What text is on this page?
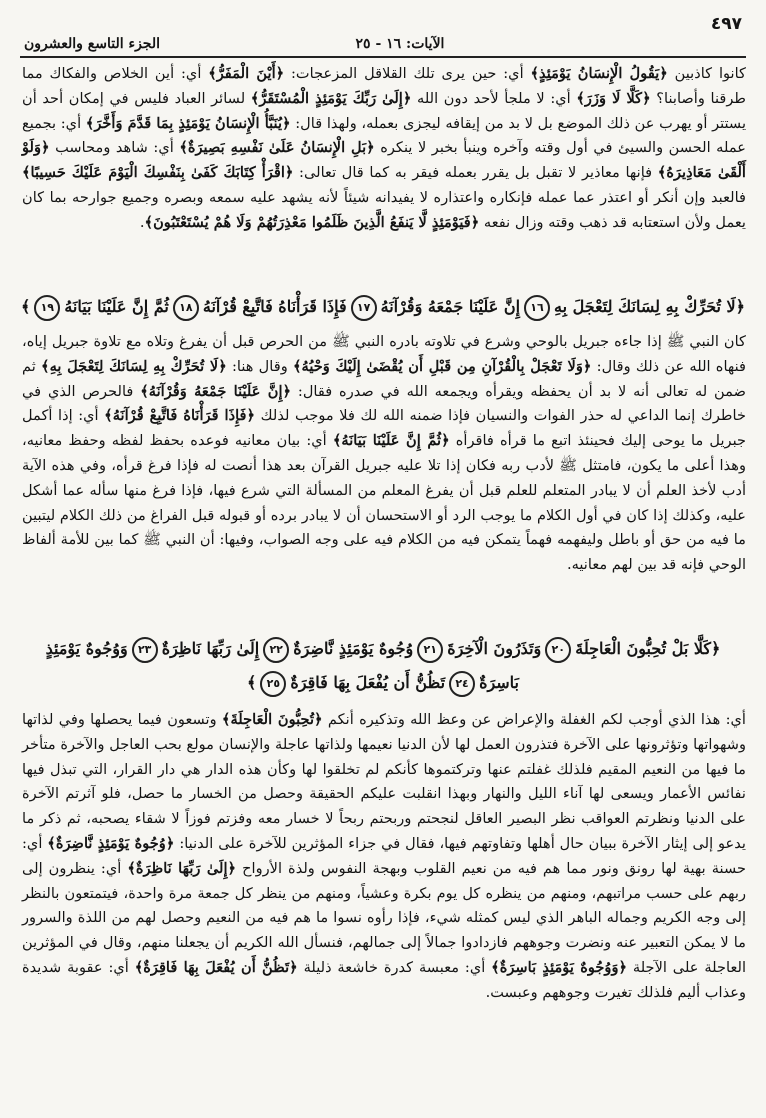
٤٩٧
الآيات: ١٦ - ٢٥
الجزء التاسع والعشرون

كانوا كاذبين ﴿يَقُولُ الْإِنسَانُ يَوْمَئِذٍ﴾ أي: حين يرى تلك القلاقل المزعجات: ﴿أَيْنَ الْمَفَرُّ﴾ أي: أين الخلاص والفكاك مما طرقنا وأصابنا؟ ﴿كَلَّا لَا وَزَرَ﴾ أي: لا ملجأ لأحد دون الله ﴿إِلَىٰ رَبِّكَ يَوْمَئِذٍ الْمُسْتَقَرُّ﴾ لسائر العباد فليس في إمكان أحد أن يستتر أو يهرب عن ذلك الموضع بل لا بد من إيقافه ليجزى بعمله، ولهذا قال: ﴿يُنَبَّأُ الْإِنسَانُ يَوْمَئِذٍ بِمَا قَدَّمَ وَأَخَّرَ﴾ أي: بجميع عمله الحسن والسيئ في أول وقته وآخره وينبأ بخبر لا ينكره ﴿بَلِ الْإِنسَانُ عَلَىٰ نَفْسِهِ بَصِيرَةٌ﴾ أي: شاهد ومحاسب ﴿وَلَوْ أَلْقَىٰ مَعَاذِيرَهُ﴾ فإنها معاذير لا تقبل بل يقرر بعمله فيقر به كما قال تعالى: ﴿اقْرَأْ كِتَابَكَ كَفَىٰ بِنَفْسِكَ الْيَوْمَ عَلَيْكَ حَسِيبًا﴾ فالعبد وإن أنكر أو اعتذر عما عمله فإنكاره واعتذاره لا يفيدانه شيئاً لأنه يشهد عليه سمعه وبصره وجميع جوارحه بما كان يعمل ولأن استعتابه قد ذهب وقته وزال نفعه ﴿فَيَوْمَئِذٍ لَّا يَنفَعُ الَّذِينَ ظَلَمُوا مَعْذِرَتُهُمْ وَلَا هُمْ يُسْتَعْتَبُونَ﴾.

﴿لَا تُحَرِّكْ بِهِ لِسَانَكَ لِتَعْجَلَ بِهِ١٦إِنَّ عَلَيْنَا جَمْعَهُ وَقُرْآنَهُ١٧فَإِذَا قَرَأْنَاهُ فَاتَّبِعْ قُرْآنَهُ١٨ثُمَّ إِنَّ عَلَيْنَا بَيَانَهُ١٩﴾

كان النبي ﷺ إذا جاءه جبريل بالوحي وشرع في تلاوته بادره النبي ﷺ من الحرص قبل أن يفرغ وتلاه مع تلاوة جبريل إياه، فنهاه الله عن ذلك وقال: ﴿وَلَا تَعْجَلْ بِالْقُرْآنِ مِن قَبْلِ أَن يُقْضَىٰ إِلَيْكَ وَحْيُهُ﴾ وقال هنا: ﴿لَا تُحَرِّكْ بِهِ لِسَانَكَ لِتَعْجَلَ بِهِ﴾ ثم ضمن له تعالى أنه لا بد أن يحفظه ويقرأه ويجمعه الله في صدره فقال: ﴿إِنَّ عَلَيْنَا جَمْعَهُ وَقُرْآنَهُ﴾ فالحرص الذي في خاطرك إنما الداعي له حذر الفوات والنسيان فإذا ضمنه الله لك فلا موجب لذلك ﴿فَإِذَا قَرَأْنَاهُ فَاتَّبِعْ قُرْآنَهُ﴾ أي: إذا أكمل جبريل ما يوحى إليك فحينئذ اتبع ما قرأه فاقرأه ﴿ثُمَّ إِنَّ عَلَيْنَا بَيَانَهُ﴾ أي: بيان معانيه فوعده بحفظ لفظه وحفظ معانيه، وهذا أعلى ما يكون، فامتثل ﷺ لأدب ربه فكان إذا تلا عليه جبريل القرآن بعد هذا أنصت له فإذا فرغ قرأه، وفي هذه الآية أدب لأخذ العلم أن لا يبادر المتعلم للعلم قبل أن يفرغ المعلم من المسألة التي شرع فيها، فإذا فرغ منها سأله عما أشكل عليه، وكذلك إذا كان في أول الكلام ما يوجب الرد أو الاستحسان أن لا يبادر برده أو قبوله قبل الفراغ من ذلك الكلام ليتبين ما فيه من حق أو باطل وليفهمه فهماً يتمكن فيه من الكلام فيه على وجه الصواب، وفيها: أن النبي ﷺ كما بين للأمة ألفاظ الوحي فإنه قد بين لهم معانيه.

﴿كَلَّا بَلْ تُحِبُّونَ الْعَاجِلَةَ٢٠وَتَذَرُونَ الْآخِرَةَ٢١وُجُوهٌ يَوْمَئِذٍ نَّاضِرَةٌ٢٢إِلَىٰ رَبِّهَا نَاظِرَةٌ٢٣وَوُجُوهٌ يَوْمَئِذٍ
بَاسِرَةٌ٢٤تَظُنُّ أَن يُفْعَلَ بِهَا فَاقِرَةٌ٢٥﴾

أي: هذا الذي أوجب لكم الغفلة والإعراض عن وعظ الله وتذكيره أنكم ﴿تُحِبُّونَ الْعَاجِلَةَ﴾ وتسعون فيما يحصلها وفي لذاتها وشهواتها وتؤثرونها على الآخرة فتذرون العمل لها لأن الدنيا نعيمها ولذاتها عاجلة والإنسان مولع بحب العاجل والآخرة متأخر ما فيها من النعيم المقيم فلذلك غفلتم عنها وتركتموها كأنكم لم تخلقوا لها وكأن هذه الدار هي دار القرار، التي تبذل فيها نفائس الأعمار ويسعى لها آناء الليل والنهار وبهذا انقلبت عليكم الحقيقة وحصل من الخسار ما حصل، فلو آثرتم الآخرة على الدنيا ونظرتم العواقب نظر البصير العاقل لنجحتم وربحتم ربحاً لا خسار معه وفزتم فوزاً لا شقاء يصحبه، ثم ذكر ما يدعو إلى إيثار الآخرة ببيان حال أهلها وتفاوتهم فيها، فقال في جزاء المؤثرين للآخرة على الدنيا: ﴿وُجُوهٌ يَوْمَئِذٍ نَّاضِرَةٌ﴾ أي: حسنة بهية لها رونق ونور مما هم فيه من نعيم القلوب وبهجة النفوس ولذة الأرواح ﴿إِلَىٰ رَبِّهَا نَاظِرَةٌ﴾ أي: ينظرون إلى ربهم على حسب مراتبهم، ومنهم من ينظره كل يوم بكرة وعشياً، ومنهم من ينظر كل جمعة مرة واحدة، فيتمتعون بالنظر إلى وجه الكريم وجماله الباهر الذي ليس كمثله شيء، فإذا رأوه نسوا ما هم فيه من النعيم وحصل لهم من اللذة والسرور ما لا يمكن التعبير عنه ونضرت وجوههم فازدادوا جمالاً إلى جمالهم، فنسأل الله الكريم أن يجعلنا منهم، وقال في المؤثرين العاجلة على الآجلة ﴿وَوُجُوهٌ يَوْمَئِذٍ بَاسِرَةٌ﴾ أي: معبسة كدرة خاشعة ذليلة ﴿تَظُنُّ أَن يُفْعَلَ بِهَا فَاقِرَةٌ﴾ أي: عقوبة شديدة وعذاب أليم فلذلك تغيرت وجوههم وعبست.
